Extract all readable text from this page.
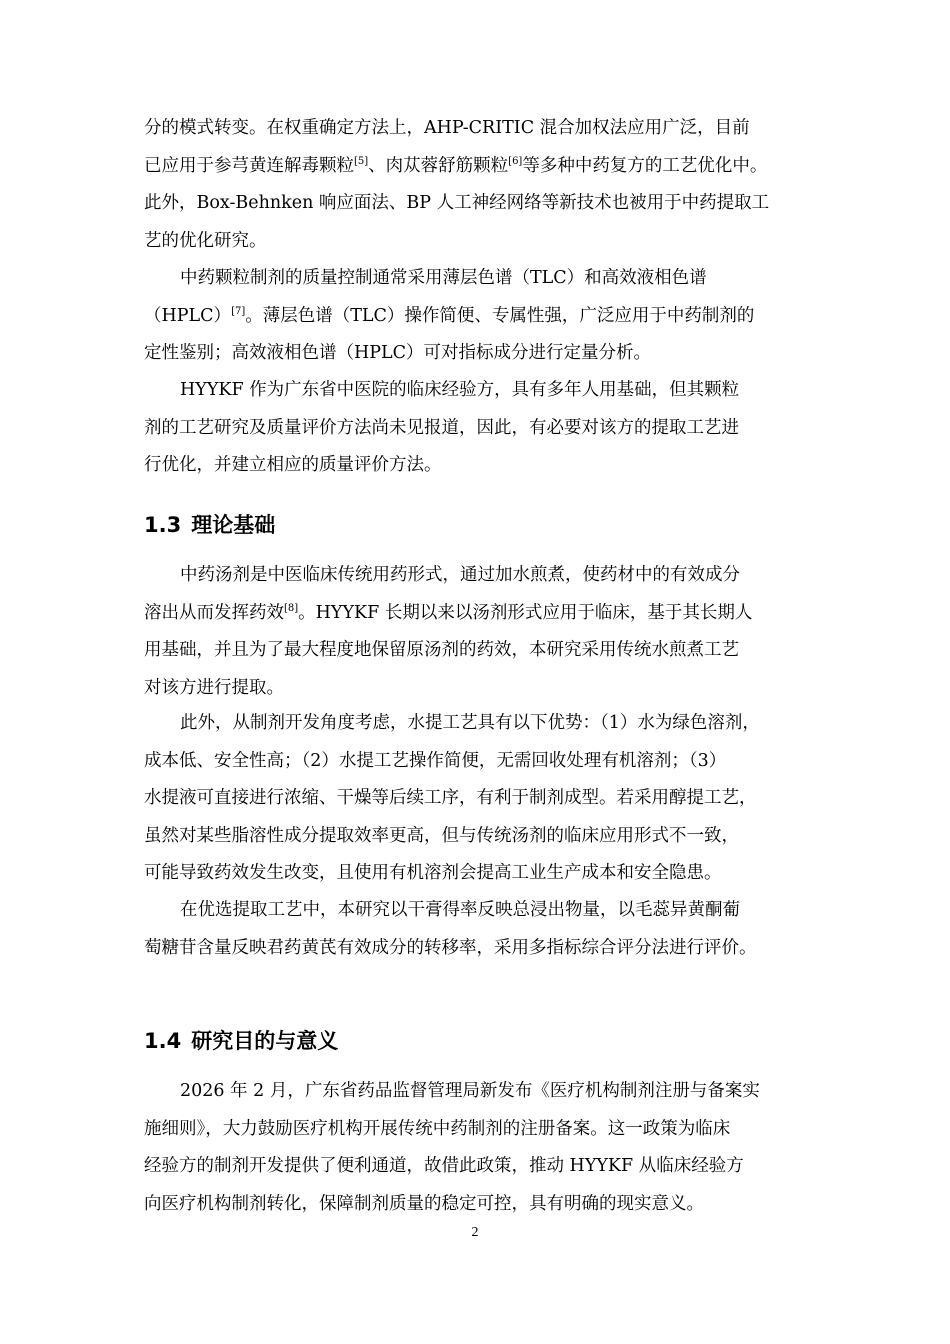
分的模式转变。在权重确定方法上，AHP-CRITIC 混合加权法应用广泛，目前
已应用于参芎黄连解毒颗粒[5]、肉苁蓉舒筋颗粒[6]等多种中药复方的工艺优化中。
此外，Box-Behnken 响应面法、BP 人工神经网络等新技术也被用于中药提取工
艺的优化研究。
中药颗粒制剂的质量控制通常采用薄层色谱（TLC）和高效液相色谱
（HPLC）[7]。薄层色谱（TLC）操作简便、专属性强，广泛应用于中药制剂的
定性鉴别；高效液相色谱（HPLC）可对指标成分进行定量分析。
HYYKF 作为广东省中医院的临床经验方，具有多年人用基础，但其颗粒
剂的工艺研究及质量评价方法尚未见报道，因此，有必要对该方的提取工艺进
行优化，并建立相应的质量评价方法。
1.3 理论基础
中药汤剂是中医临床传统用药形式，通过加水煎煮，使药材中的有效成分
溶出从而发挥药效[8]。HYYKF 长期以来以汤剂形式应用于临床，基于其长期人
用基础，并且为了最大程度地保留原汤剂的药效，本研究采用传统水煎煮工艺
对该方进行提取。
此外，从制剂开发角度考虑，水提工艺具有以下优势：（1）水为绿色溶剂，
成本低、安全性高；（2）水提工艺操作简便，无需回收处理有机溶剂；（3）
水提液可直接进行浓缩、干燥等后续工序，有利于制剂成型。若采用醇提工艺，
虽然对某些脂溶性成分提取效率更高，但与传统汤剂的临床应用形式不一致，
可能导致药效发生改变，且使用有机溶剂会提高工业生产成本和安全隐患。
在优选提取工艺中，本研究以干膏得率反映总浸出物量，以毛蕊异黄酮葡
萄糖苷含量反映君药黄芪有效成分的转移率，采用多指标综合评分法进行评价。
1.4 研究目的与意义
2026 年 2 月，广东省药品监督管理局新发布《医疗机构制剂注册与备案实
施细则》，大力鼓励医疗机构开展传统中药制剂的注册备案。这一政策为临床
经验方的制剂开发提供了便利通道，故借此政策，推动 HYYKF 从临床经验方
向医疗机构制剂转化，保障制剂质量的稳定可控，具有明确的现实意义。
2
